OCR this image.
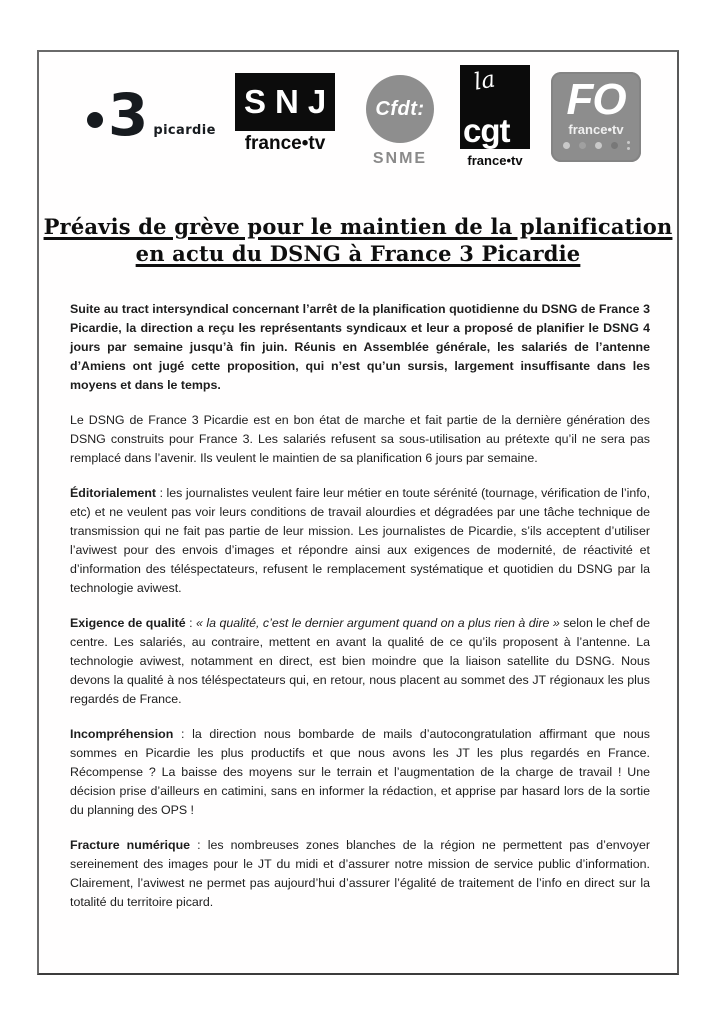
3 picardie
SNJ
france•tv
Cfdt:
SNME
la
cgt
france•tv
FO
france•tv
Préavis de grève pour le maintien de la planification
en actu du DSNG à France 3 Picardie

Suite au tract intersyndical concernant l’arrêt de la planification quotidienne du DSNG de France 3 Picardie, la direction a reçu les représentants syndicaux et leur a proposé de planifier le DSNG 4 jours par semaine jusqu’à fin juin. Réunis en Assemblée générale, les salariés de l’antenne d’Amiens ont jugé cette proposition, qui n’est qu’un sursis, largement insuffisante dans les moyens et dans le temps.

Le DSNG de France 3 Picardie est en bon état de marche et fait partie de la dernière génération des DSNG construits pour France 3. Les salariés refusent sa sous-utilisation au prétexte qu’il ne sera pas remplacé dans l’avenir. Ils veulent le maintien de sa planification 6 jours par semaine.

Éditorialement : les journalistes veulent faire leur métier en toute sérénité (tournage, vérification de l’info, etc) et ne veulent pas voir leurs conditions de travail alourdies et dégradées par une tâche technique de transmission qui ne fait pas partie de leur mission. Les journalistes de Picardie, s’ils acceptent d’utiliser l’aviwest pour des envois d’images et répondre ainsi aux exigences de modernité, de réactivité et d’information des téléspectateurs, refusent le remplacement systématique et quotidien du DSNG par la technologie aviwest.

Exigence de qualité : « la qualité, c’est le dernier argument quand on a plus rien à dire » selon le chef de centre. Les salariés, au contraire, mettent en avant la qualité de ce qu’ils proposent à l’antenne. La technologie aviwest, notamment en direct, est bien moindre que la liaison satellite du DSNG. Nous devons la qualité à nos téléspectateurs qui, en retour, nous placent au sommet des JT régionaux les plus regardés de France.

Incompréhension : la direction nous bombarde de mails d’autocongratulation affirmant que nous sommes en Picardie les plus productifs et que nous avons les JT les plus regardés en France. Récompense ? La baisse des moyens sur le terrain et l’augmentation de la charge de travail ! Une décision prise d’ailleurs en catimini, sans en informer la rédaction, et apprise par hasard lors de la sortie du planning des OPS !

Fracture numérique : les nombreuses zones blanches de la région ne permettent pas d’envoyer sereinement des images pour le JT du midi et d’assurer notre mission de service public d’information. Clairement, l’aviwest ne permet pas aujourd’hui d’assurer l’égalité de traitement de l’info en direct sur la totalité du territoire picard.
